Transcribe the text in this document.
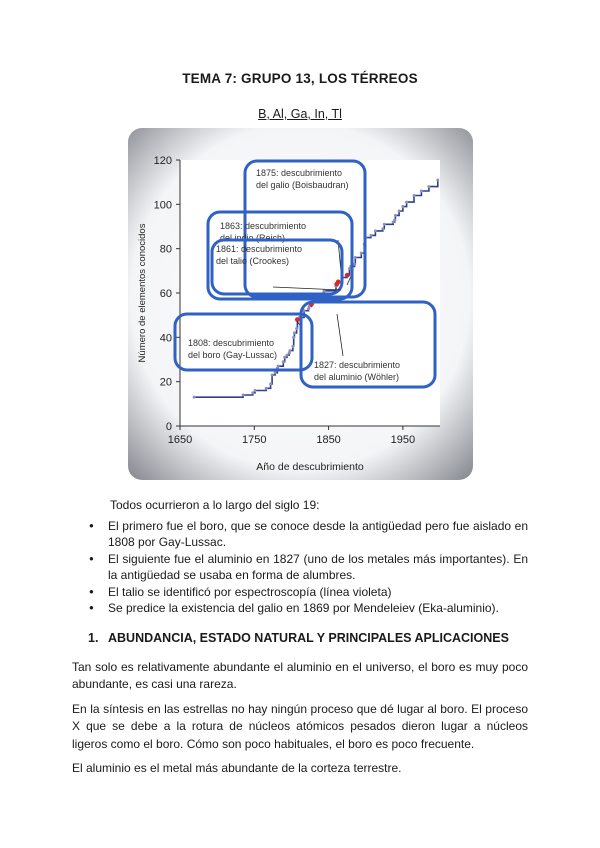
TEMA 7: GRUPO 13, LOS TÉRREOS
B, Al, Ga, In, Tl
0
20
40
60
80
100
120
1650	1750	1850	1950
1875: descubrimiento
del galio (Boisbaudran)
1863: descubrimiento
del indio (Reich)
1861: descubrimiento
del talio (Crookes)
1808: descubrimiento
del boro (Gay-Lussac)
1827: descubrimiento
del aluminio (Wöhler)
Año de descubrimiento
Número de elementos conocidos
Todos ocurrieron a lo largo del siglo 19:
● El primero fue el boro, que se conoce desde la antigüedad pero fue aislado en 1808 por Gay-Lussac.
● El siguiente fue el aluminio en 1827 (uno de los metales más importantes). En la antigüedad se usaba en forma de alumbres.
● El talio se identificó por espectroscopía (línea violeta)
● Se predice la existencia del galio en 1869 por Mendeleiev (Eka-aluminio).
1. ABUNDANCIA, ESTADO NATURAL Y PRINCIPALES APLICACIONES

Tan solo es relativamente abundante el aluminio en el universo, el boro es muy poco abundante, es casi una rareza.

En la síntesis en las estrellas no hay ningún proceso que dé lugar al boro. El proceso X que se debe a la rotura de núcleos atómicos pesados dieron lugar a núcleos ligeros como el boro. Cómo son poco habituales, el boro es poco frecuente.

El aluminio es el metal más abundante de la corteza terrestre.
